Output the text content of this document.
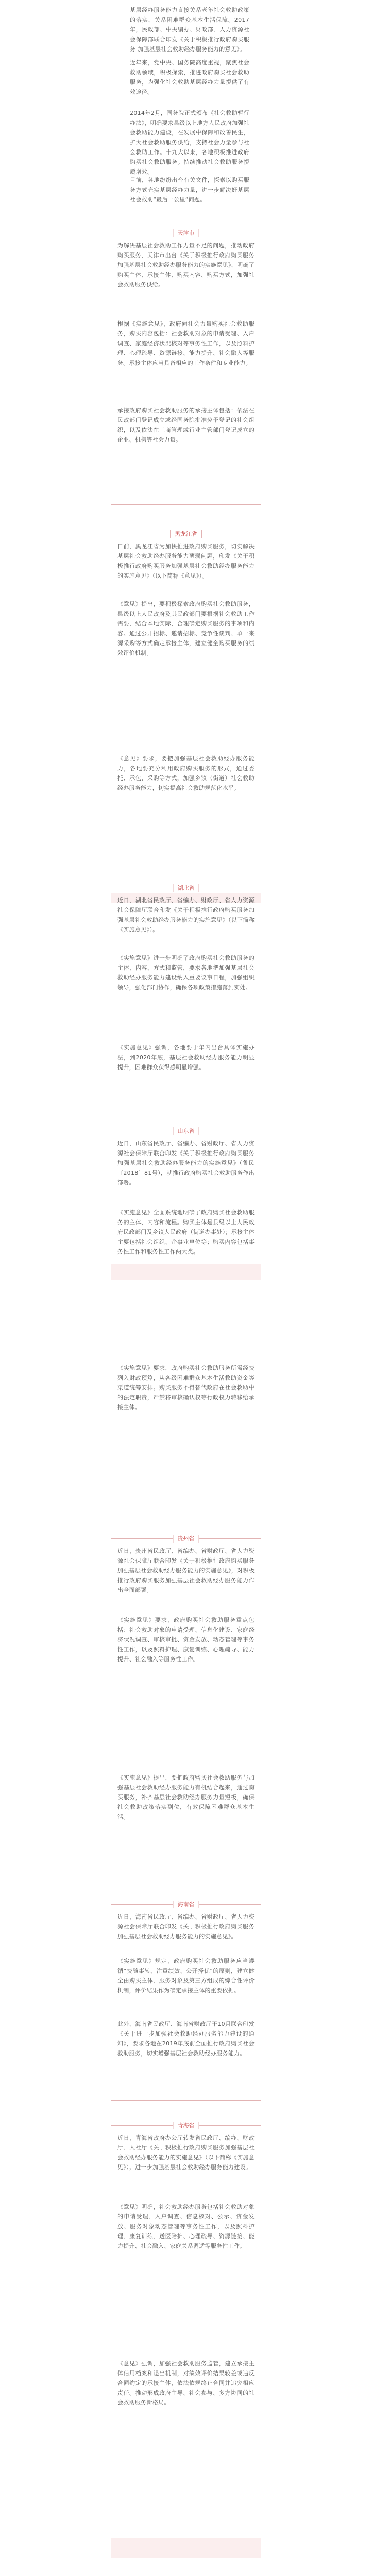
基层经办服务能力直接关系老年社会救助政策的落实，关系困难群众基本生活保障。2017年，民政部、中央编办、财政部、人力资源社会保障部联合印发《关于积极推行政府购买服务 加强基层社会救助经办服务能力的意见》。

近年来，党中央、国务院高度重视，聚焦社会救助领域，积极探索，推进政府购买社会救助服务，为强化社会救助基层经办力量提供了有效途径。

2014年2月，国务院正式颁布《社会救助暂行办法》，明确要求县级以上地方人民政府加强社会救助能力建设，在发展中保障和改善民生，扩大社会救助服务供给，支持社会力量参与社会救助工作。十九大以来，各地积极推进政府购买社会救助服务。持续推动社会救助服务提质增效。

目前，各地纷纷出台有关文件，探索以购买服务方式充实基层经办力量，进一步解决好基层社会救助“最后一公里”问题。

天津市

为解决基层社会救助工作力量不足的问题，推动政府购买服务，天津市出台《关于积极推行政府购买服务加强基层社会救助经办服务能力的实施意见》，明确了购买主体、承接主体、购买内容、购买方式，加强社会救助服务供给。

根据《实施意见》，政府向社会力量购买社会救助服务，购买内容包括：社会救助对象的申请受理、入户调查、家庭经济状况核对等事务性工作，以及照料护理、心理疏导、资源链接、能力提升、社会融入等服务。承接主体应当具备相应的工作条件和专业能力。

承接政府购买社会救助服务的承接主体包括：依法在民政部门登记成立或经国务院批准免予登记的社会组织，以及依法在工商管理或行业主管部门登记成立的企业、机构等社会力量。

黑龙江省

日前，黑龙江省为加快推进政府购买服务，切实解决基层社会救助经办服务能力薄弱问题，印发《关于积极推行政府购买服务加强基层社会救助经办服务能力的实施意见》（以下简称《意见》）。

《意见》提出，要积极探索政府购买社会救助服务，县级以上人民政府及其民政部门要根据社会救助工作需要，结合本地实际，合理确定购买服务的事项和内容。通过公开招标、邀请招标、竞争性谈判、单一来源采购等方式确定承接主体，建立健全购买服务的绩效评价机制。

《意见》要求，要把加强基层社会救助经办服务能力，各地要充分利用政府购买服务的形式，通过委托、承包、采购等方式，加强乡镇（街道）社会救助经办服务能力，切实提高社会救助规范化水平。

湖北省

近日，湖北省民政厅、省编办、财政厅、省人力资源社会保障厅联合印发《关于积极推行政府购买服务加强基层社会救助经办服务能力的实施意见》（以下简称《实施意见》）。

《实施意见》进一步明确了政府购买社会救助服务的主体、内容、方式和监管，要求各地把加强基层社会救助经办服务能力建设纳入重要议事日程，加强组织领导，强化部门协作，确保各项政策措施落到实处。

《实施意见》强调，各地要于年内出台具体实施办法，到2020年底，基层社会救助经办服务能力明显提升，困难群众获得感明显增强。

山东省

近日，山东省民政厅、省编办、省财政厅、省人力资源社会保障厅联合印发《关于积极推行政府购买服务加强基层社会救助经办服务能力的实施意见》（鲁民〔2018〕81号），就推行政府购买社会救助服务作出部署。

《实施意见》全面系统地明确了政府购买社会救助服务的主体、内容和流程。购买主体是县级以上人民政府民政部门及乡镇人民政府（街道办事处）；承接主体主要包括社会组织、企事业单位等；购买内容包括事务性工作和服务性工作两大类。

《实施意见》要求，政府购买社会救助服务所需经费列入财政预算，从各级困难群众基本生活救助资金等渠道统筹安排。购买服务不得替代政府在社会救助中的法定职责，严禁将审核确认权等行政权力转移给承接主体。

贵州省

近日，贵州省民政厅、省编办、省财政厅、省人力资源社会保障厅联合印发《关于积极推行政府购买服务加强基层社会救助经办服务能力的实施意见》，对积极推行政府购买服务加强基层社会救助经办服务能力作出全面部署。

《实施意见》要求，政府购买社会救助服务重点包括：社会救助对象的申请受理、信息化建设、家庭经济状况调查、审核审批、资金发放、动态管理等事务性工作，以及照料护理、康复训练、心理疏导、能力提升、社会融入等服务性工作。

《实施意见》提出，要把政府购买社会救助服务与加强基层社会救助经办服务能力有机结合起来，通过购买服务，补齐基层社会救助经办服务力量短板，确保社会救助政策落实到位，有效保障困难群众基本生活。

海南省

近日，海南省民政厅、省编办、省财政厅、省人力资源社会保障厅联合印发《关于积极推行政府购买服务加强基层社会救助经办服务能力的实施意见》。

《实施意见》规定，政府购买社会救助服务应当遵循“费随事转、注重绩效、公开择优”的原则，建立健全由购买主体、服务对象及第三方组成的综合性评价机制，评价结果作为确定承接主体的重要依据。

此外，海南省民政厅、海南省财政厅于10月联合印发《关于进一步加强社会救助经办服务能力建设的通知》，要求各地在2019年底前全面推行政府购买社会救助服务，切实增强基层社会救助经办服务能力。

青海省

近日，青海省政府办公厅转发省民政厅、编办、财政厅、人社厅《关于积极推行政府购买服务加强基层社会救助经办服务能力的实施意见》（以下简称《实施意见》），进一步加强基层社会救助经办服务能力建设。

《意见》明确，社会救助经办服务包括社会救助对象的申请受理、入户调查、信息核对、公示、资金发放、服务对象动态管理等事务性工作，以及照料护理、康复训练、送医陪护、心理疏导、资源链接、能力提升、社会融入、家庭关系调适等服务性工作。

《意见》强调，加强社会救助服务监管，建立承接主体信用档案和退出机制，对绩效评价结果较差或违反合同约定的承接主体，依法依规终止合同并追究相应责任。推动形成政府主导、社会参与、多方协同的社会救助服务新格局。
